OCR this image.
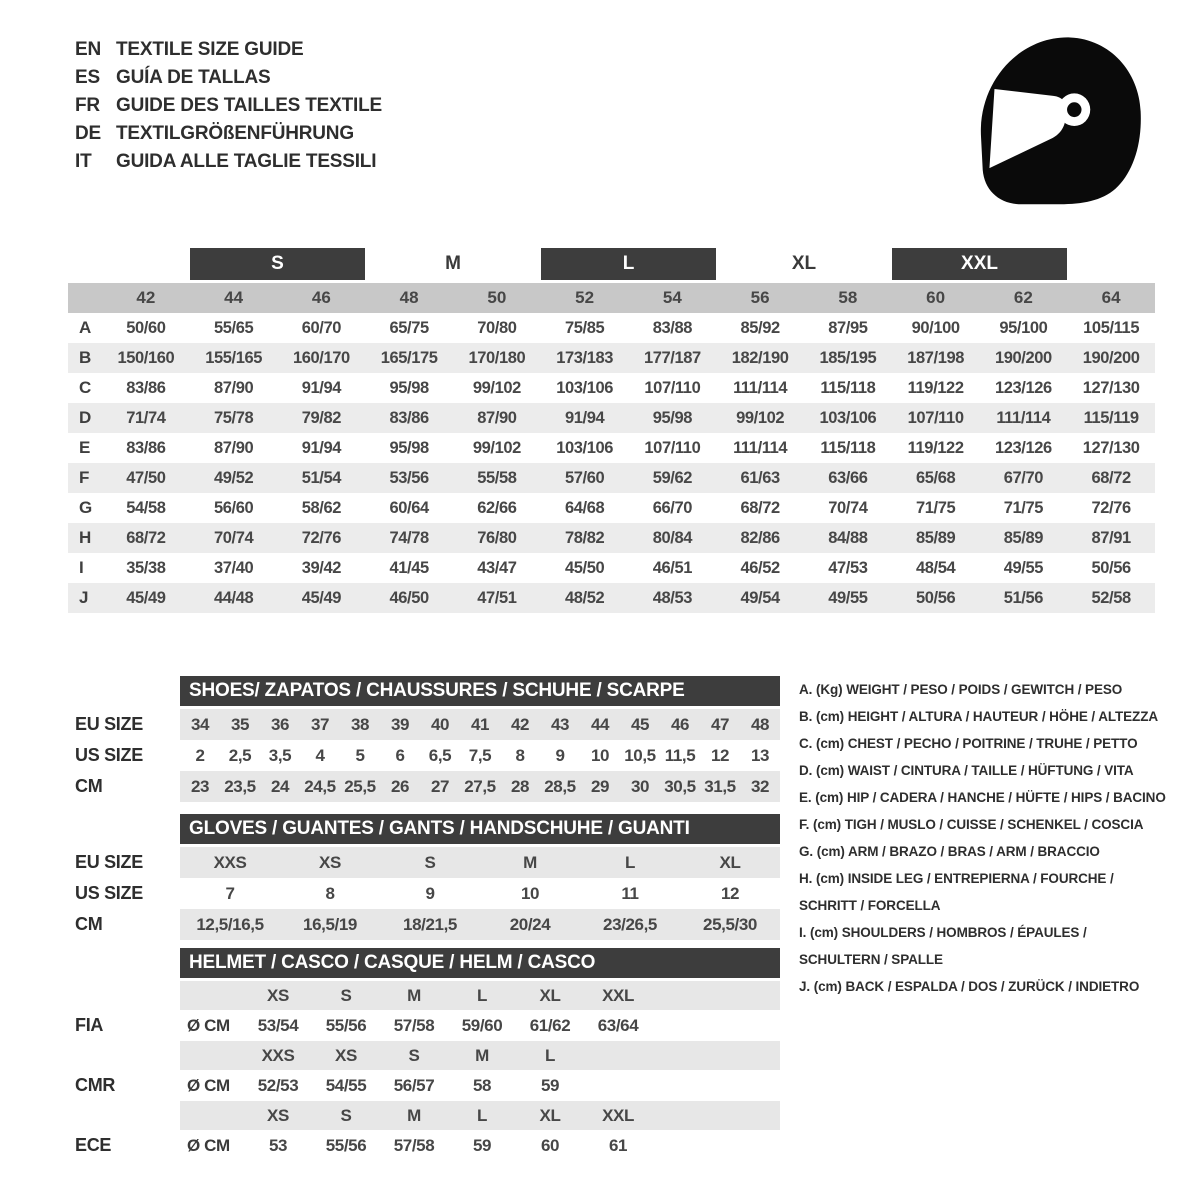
EN TEXTILE SIZE GUIDE
ES GUÍA DE TALLAS
FR GUIDE DES TAILLES TEXTILE
DE TEXTILGRÖßENFÜHRUNG
IT	GUIDA ALLE TAGLIE TESSILI
S	M	L	XL	XXL
42	44	46	48	50	52	54	56	58	60	62	64
A	50/60	55/65	60/70	65/75	70/80	75/85	83/88	85/92	87/95	90/100	95/100	105/115
B	150/160	155/165	160/170	165/175	170/180	173/183	177/187	182/190	185/195	187/198	190/200	190/200
C	83/86	87/90	91/94	95/98	99/102	103/106	107/110	111/114	115/118	119/122	123/126	127/130
D	71/74	75/78	79/82	83/86	87/90	91/94	95/98	99/102	103/106	107/110	111/114	115/119
E	83/86	87/90	91/94	95/98	99/102	103/106	107/110	111/114	115/118	119/122	123/126	127/130
F	47/50	49/52	51/54	53/56	55/58	57/60	59/62	61/63	63/66	65/68	67/70	68/72
G	54/58	56/60	58/62	60/64	62/66	64/68	66/70	68/72	70/74	71/75	71/75	72/76
H	68/72	70/74	72/76	74/78	76/80	78/82	80/84	82/86	84/88	85/89	85/89	87/91
I	35/38	37/40	39/42	41/45	43/47	45/50	46/51	46/52	47/53	48/54	49/55	50/56
J	45/49	44/48	45/49	46/50	47/51	48/52	48/53	49/54	49/55	50/56	51/56	52/58
SHOES/ ZAPATOS / CHAUSSURES / SCHUHE / SCARPE
EU SIZE	34	35	36	37	38	39	40	41	42	43	44	45	46	47	48
US SIZE	2	2,5	3,5	4	5	6	6,5	7,5	8	9	10 10,5 11,5 12	13
CM	23 23,5 24 24,5 25,5 26	27 27,5 28 28,5 29	30 30,5 31,5 32
GLOVES / GUANTES / GANTS / HANDSCHUHE / GUANTI
EU SIZE	XXS	XS	S	M	L	XL
US SIZE	7	8	9	10	11	12
CM	12,5/16,5	16,5/19	18/21,5	20/24	23/26,5	25,5/30
HELMET / CASCO / CASQUE / HELM / CASCO
XS	S	M	L	XL	XXL
FIA	Ø CM	53/54	55/56	57/58	59/60	61/62	63/64
XXS	XS	S	M	L
CMR	Ø CM	52/53	54/55	56/57	58	59
XS	S	M	L	XL	XXL
ECE	Ø CM	53	55/56	57/58	59	60	61
A. (Kg) WEIGHT / PESO / POIDS / GEWITCH / PESO
B. (cm) HEIGHT / ALTURA / HAUTEUR / HÖHE / ALTEZZA
C. (cm) CHEST / PECHO / POITRINE / TRUHE / PETTO
D. (cm) WAIST / CINTURA / TAILLE / HÜFTUNG / VITA
E. (cm) HIP / CADERA / HANCHE / HÜFTE / HIPS / BACINO
F. (cm) TIGH / MUSLO / CUISSE / SCHENKEL / COSCIA
G. (cm) ARM / BRAZO / BRAS / ARM / BRACCIO
H. (cm) INSIDE LEG / ENTREPIERNA / FOURCHE /
SCHRITT / FORCELLA
I. (cm) SHOULDERS / HOMBROS / ÉPAULES /
SCHULTERN / SPALLE
J. (cm) BACK / ESPALDA / DOS / ZURÜCK / INDIETRO
